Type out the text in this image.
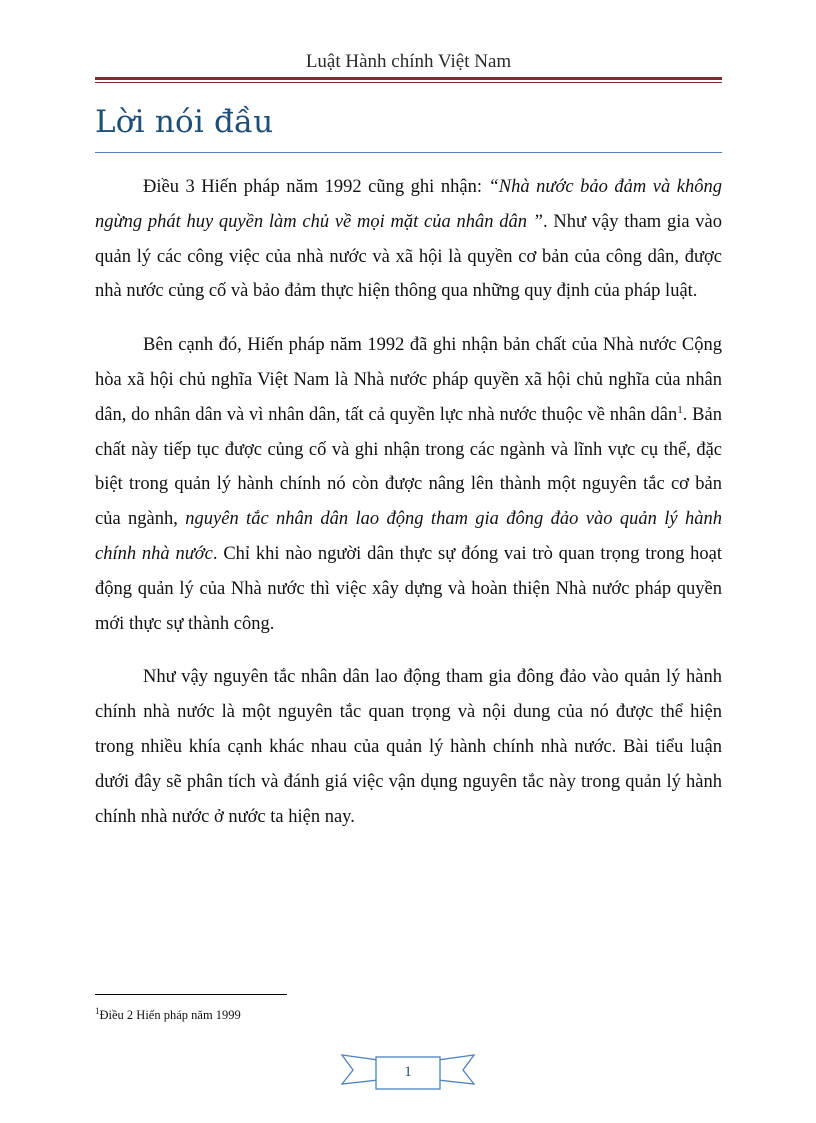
Luật Hành chính Việt Nam
Lời nói đầu

Điều 3 Hiến pháp năm 1992 cũng ghi nhận: “Nhà nước bảo đảm và không ngừng phát huy quyền làm chủ về mọi mặt của nhân dân ”. Như vậy tham gia vào quản lý các công việc của nhà nước và xã hội là quyền cơ bản của công dân, được nhà nước củng cố và bảo đảm thực hiện thông qua những quy định của pháp luật.

Bên cạnh đó, Hiến pháp năm 1992 đã ghi nhận bản chất của Nhà nước Cộng hòa xã hội chủ nghĩa Việt Nam là Nhà nước pháp quyền xã hội chủ nghĩa của nhân dân, do nhân dân và vì nhân dân, tất cả quyền lực nhà nước thuộc về nhân dân$^1$. Bản chất này tiếp tục được củng cố và ghi nhận trong các ngành và lĩnh vực cụ thể, đặc biệt trong quản lý hành chính nó còn được nâng lên thành một nguyên tắc cơ bản của ngành, nguyên tắc nhân dân lao động tham gia đông đảo vào quản lý hành chính nhà nước. Chỉ khi nào người dân thực sự đóng vai trò quan trọng trong hoạt động quản lý của Nhà nước thì việc xây dựng và hoàn thiện Nhà nước pháp quyền mới thực sự thành công.

Như vậy nguyên tắc nhân dân lao động tham gia đông đảo vào quản lý hành chính nhà nước là một nguyên tắc quan trọng và nội dung của nó được thể hiện trong nhiều khía cạnh khác nhau của quản lý hành chính nhà nước. Bài tiểu luận dưới đây sẽ phân tích và đánh giá việc vận dụng nguyên tắc này trong quản lý hành chính nhà nước ở nước ta hiện nay.

$^1$Điều 2 Hiến pháp năm 1999
1
